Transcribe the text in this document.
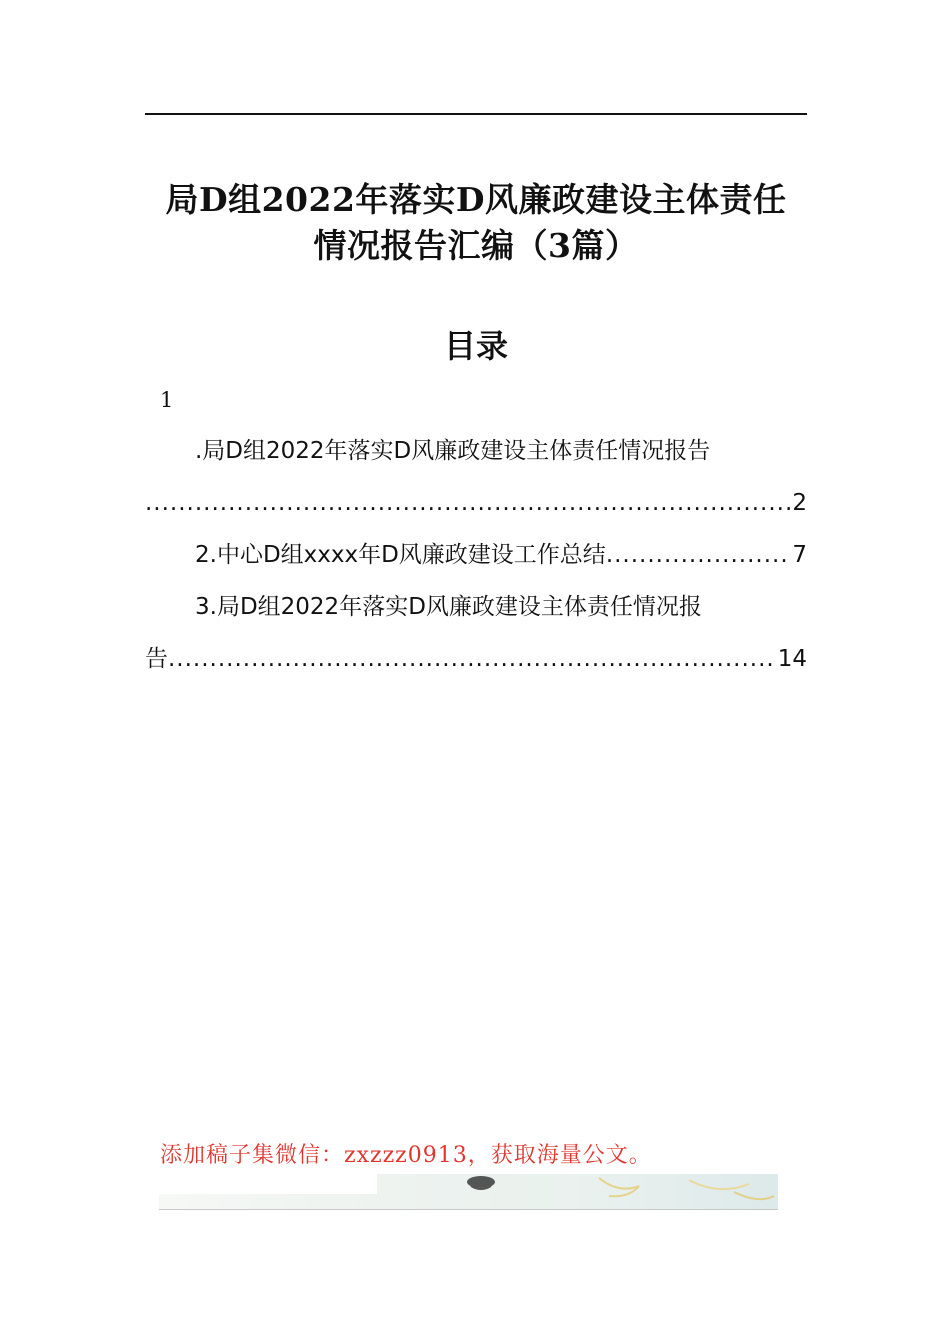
局D组2022年落实D风廉政建设主体责任
情况报告汇编（3篇）
目录
1
.局D组2022年落实D风廉政建设主体责任情况报告
.....
2
2.中心D组xxxx年D风廉政建设工作总结 .....	7
3.局D组2022年落实D风廉政建设主体责任情况报
告 .....	14
添加稿子集微信：zxzzz0913，获取海量公文。
